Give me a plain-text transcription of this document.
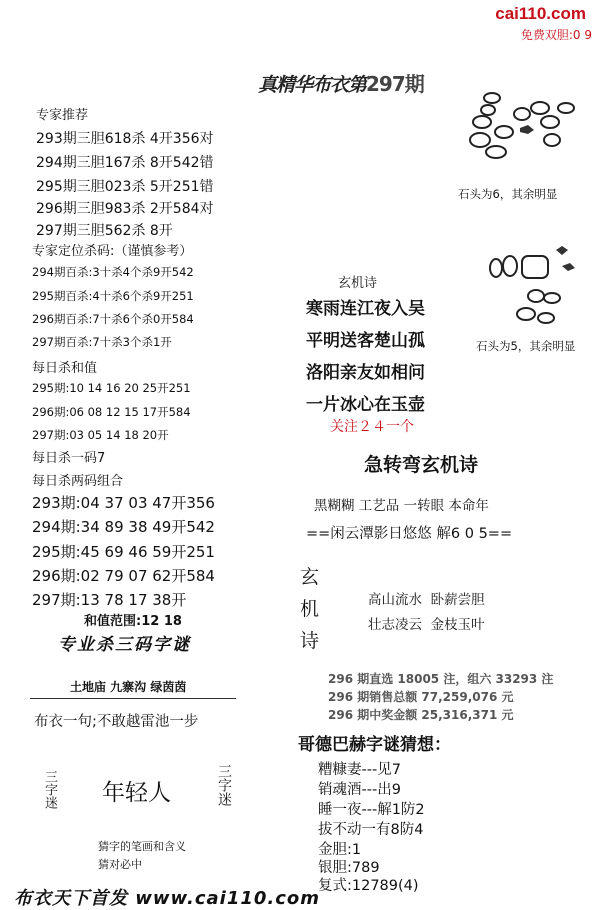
cai110.com
免费双胆:0 9
真精华布衣第297期
专家推荐
293期三胆618杀 4开356对
294期三胆167杀 8开542错
295期三胆023杀 5开251错
296期三胆983杀 2开584对
297期三胆562杀 8开
专家定位杀码:（谨慎参考）
294期百杀:3十杀4个杀9开542
295期百杀:4十杀6个杀9开251
296期百杀:7十杀6个杀0开584
297期百杀:7十杀3个杀1开
每日杀和值
295期:10 14 16 20 25开251
296期:06 08 12 15 17开584
297期:03 05 14 18 20开
每日杀一码7
每日杀两码组合
293期:04 37 03 47开356
294期:34 89 38 49开542
295期:45 69 46 59开251
296期:02 79 07 62开584
297期:13 78 17 38开
和值范围:12 18
专业杀三码字谜
土地庙 九寨沟 绿茵茵
布衣一句;不敢越雷池一步
三字迷 年轻人	三字迷
猜字的笔画和含义
猜对必中
石头为6，其余明显
石头为5，其余明显
玄机诗
寒雨连江夜入吴
平明送客楚山孤
洛阳亲友如相问
一片冰心在玉壶
关注２４一个
急转弯玄机诗
黑糊糊 工艺品 一转眼 本命年
==闲云潭影日悠悠 解6 0 5==
玄
机
诗
高山流水  卧薪尝胆
壮志凌云  金枝玉叶
296 期直选 18005 注，组六 33293 注
296 期销售总额 77,259,076 元
296 期中奖金额 25,316,371 元
哥德巴赫字谜猜想：
糟糠妻---见7
销魂酒---出9
睡一夜---解1防2
拔不动一有8防4
金胆:1
银胆:789
复式:12789(4)
布衣天下首发 www.cai110.com
